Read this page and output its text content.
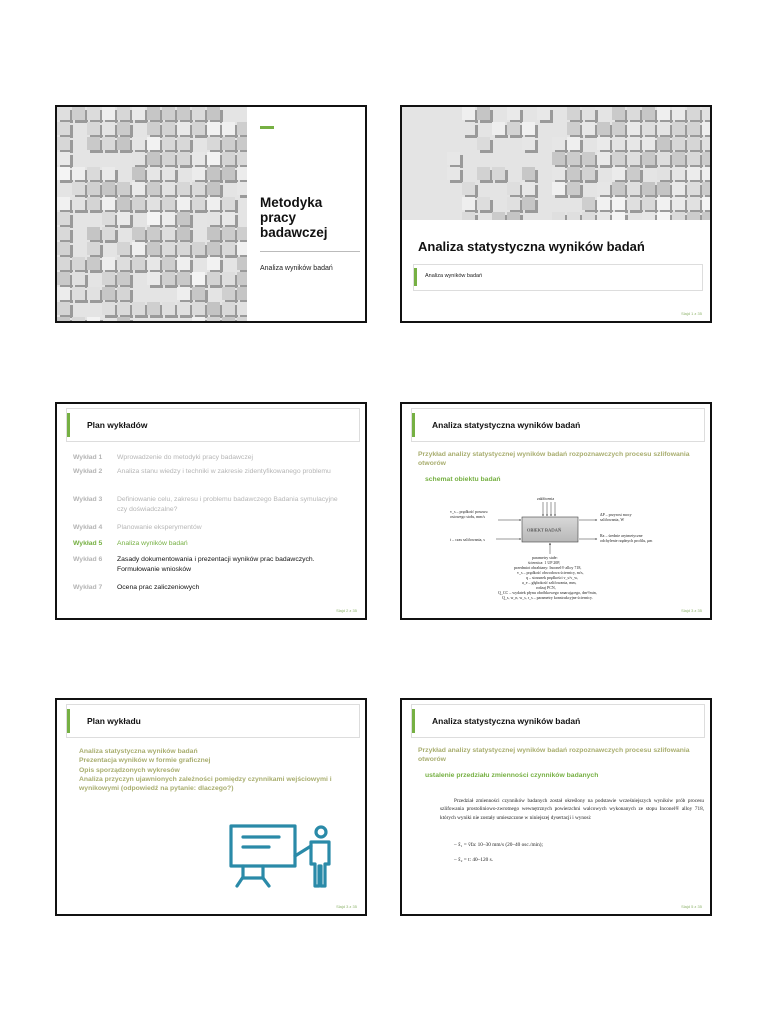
Metodyka pracy badawczej
Analiza wyników badań
Analiza statystyczna wyników badań
Analiza wyników badań
Slajd 1 z 35
Plan wykładów
Wykład 1	Wprowadzenie do metodyki pracy badawczej
Wykład 2	Analiza stanu wiedzy i techniki w zakresie zidentyfikowanego problemu
Wykład 3	Definiowanie celu, zakresu i problemu badawczego Badania symulacyjne czy doświadczalne?
Wykład 4	Planowanie eksperymentów
Wykład 5	Analiza wyników badań
Wykład 6	Zasady dokumentowania i prezentacji wyników prac badawczych. Formułowanie wniosków
Wykład 7	Ocena prac zaliczeniowych
Slajd 2 z 35
Analiza statystyczna wyników badań
Przykład analizy statystycznej wyników badań rozpoznawczych procesu szlifowania otworów
schemat obiektu badań
zakłócenia
OBIEKT BADAŃ
v_s – prędkość posuwu
osiowego stołu, mm/s
t – czas szlifowania, s
ΔP – przyrost mocy
szlifowania, W
Ra – średnie arytmetyczne
odchylenie rzędnych profilu, μm
parametry stałe:
ściernica: 1 UP 20P,
przedmiot obrabiany: Inconel® alloy 718,
v_s – prędkość obwodowa ściernicy, m/s,
q – stosunek prędkości v_s/v_w,
a_e – głębokość szlifowania, mm,
rodzaj PCN,
Q_CC – wydatek płynu obróbkowego smarującego, dm³/min,
Q_s, w_n, w_s, r_s – parametry konstrukcyjne ściernicy.
Slajd 3 z 35
Plan wykładu
Analiza statystyczna wyników badań
Prezentacja wyników w formie graficznej
Opis sporządzonych wykresów
Analiza przyczyn ujawnionych zależności pomiędzy czynnikami wejściowymi i wynikowymi (odpowiedź na pytanie: dlaczego?)
Slajd 3 z 35
Analiza statystyczna wyników badań
Przykład analizy statystycznej wyników badań rozpoznawczych procesu szlifowania otworów
ustalenie przedziału zmienności czynników badanych
Przedział zmienności czynników badanych został określony na podstawie wcześniejszych wyników prób procesu szlifowania prostoliniowo-zwrotnego wewnętrznych powierzchni walcowych wykonanych ze stopu Inconel® alloy 718, których wyniki nie zostały umieszczone w niniejszej dysertacji i wynosi:
– x̃₁ = v̄fa: 10–30 mm/s (20–40 osc./min);
– x̃₂ = t: 40–120 s.
Slajd 5 z 35
